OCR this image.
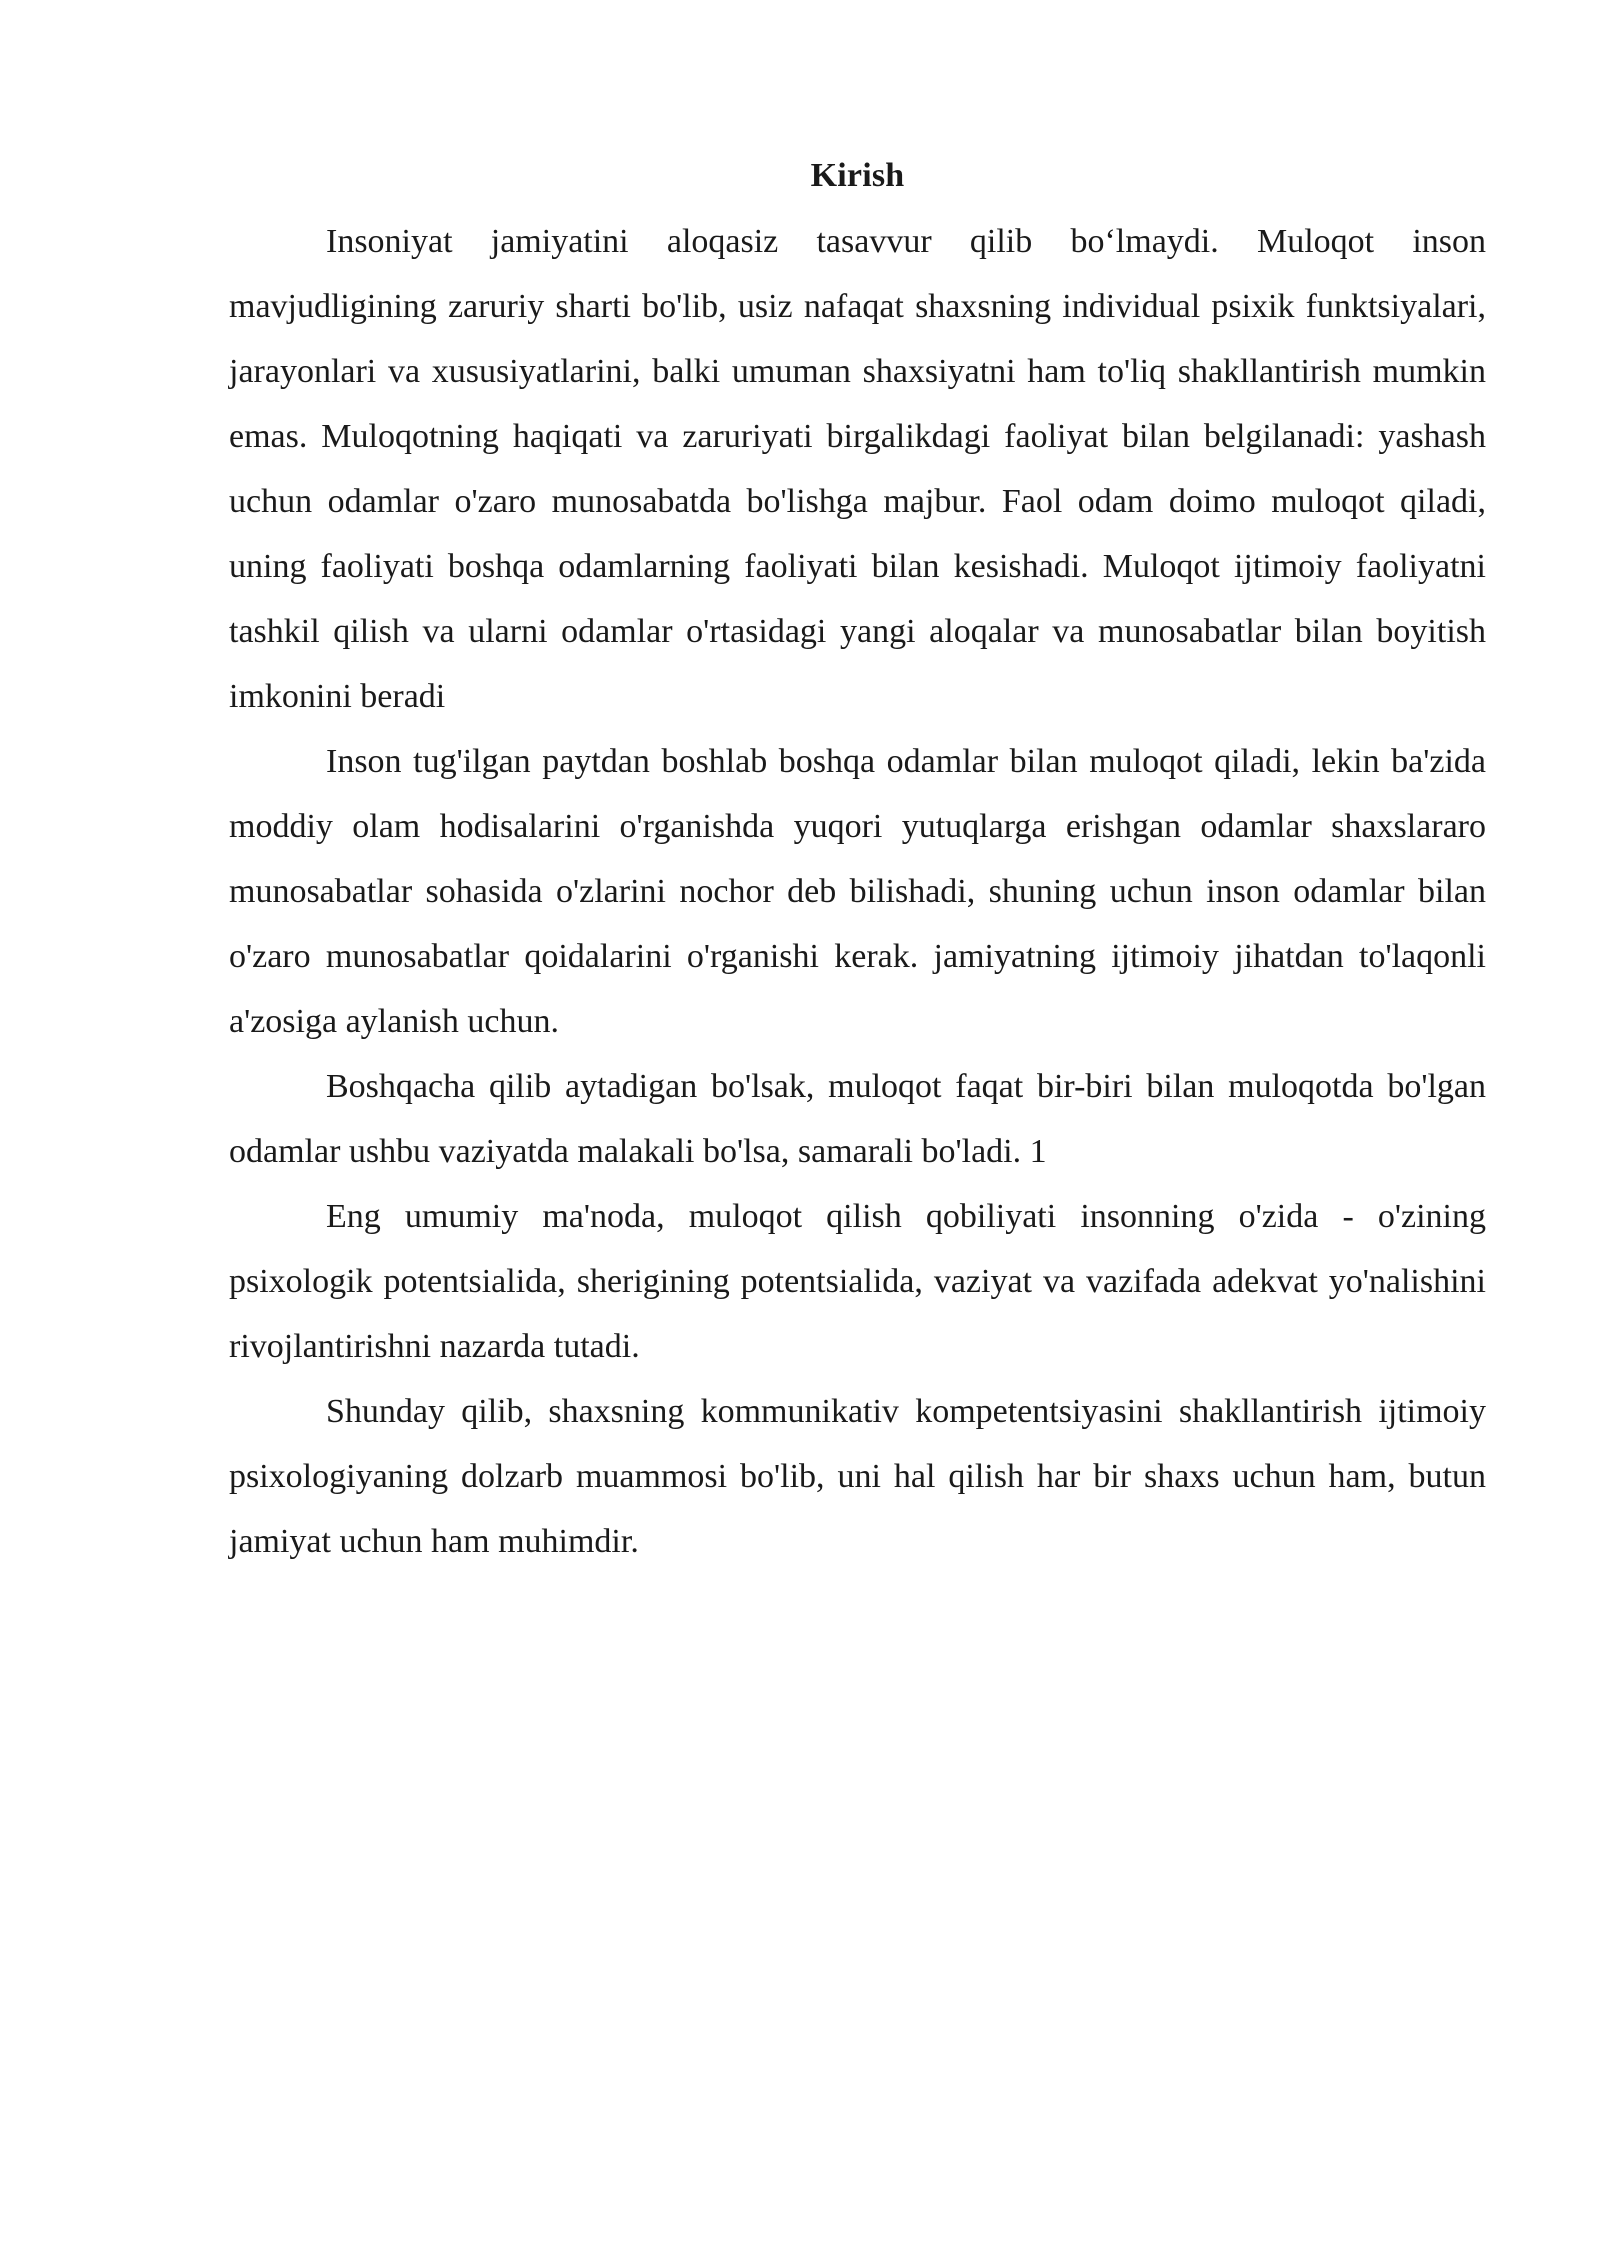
Kirish

Insoniyat jamiyatini aloqasiz tasavvur qilib bo‘lmaydi. Muloqot inson mavjudligining zaruriy sharti bo'lib, usiz nafaqat shaxsning individual psixik funktsiyalari, jarayonlari va xususiyatlarini, balki umuman shaxsiyatni ham to'liq shakllantirish mumkin emas. Muloqotning haqiqati va zaruriyati birgalikdagi faoliyat bilan belgilanadi: yashash uchun odamlar o'zaro munosabatda bo'lishga majbur. Faol odam doimo muloqot qiladi, uning faoliyati boshqa odamlarning faoliyati bilan kesishadi. Muloqot ijtimoiy faoliyatni tashkil qilish va ularni odamlar o'rtasidagi yangi aloqalar va munosabatlar bilan boyitish imkonini beradi

Inson tug'ilgan paytdan boshlab boshqa odamlar bilan muloqot qiladi, lekin ba'zida moddiy olam hodisalarini o'rganishda yuqori yutuqlarga erishgan odamlar shaxslararo munosabatlar sohasida o'zlarini nochor deb bilishadi, shuning uchun inson odamlar bilan o'zaro munosabatlar qoidalarini o'rganishi kerak. jamiyatning ijtimoiy jihatdan to'laqonli a'zosiga aylanish uchun.

Boshqacha qilib aytadigan bo'lsak, muloqot faqat bir-biri bilan muloqotda bo'lgan odamlar ushbu vaziyatda malakali bo'lsa, samarali bo'ladi. 1

Eng umumiy ma'noda, muloqot qilish qobiliyati insonning o'zida - o'zining psixologik potentsialida, sherigining potentsialida, vaziyat va vazifada adekvat yo'nalishini rivojlantirishni nazarda tutadi.

Shunday qilib, shaxsning kommunikativ kompetentsiyasini shakllantirish ijtimoiy psixologiyaning dolzarb muammosi bo'lib, uni hal qilish har bir shaxs uchun ham, butun jamiyat uchun ham muhimdir.
